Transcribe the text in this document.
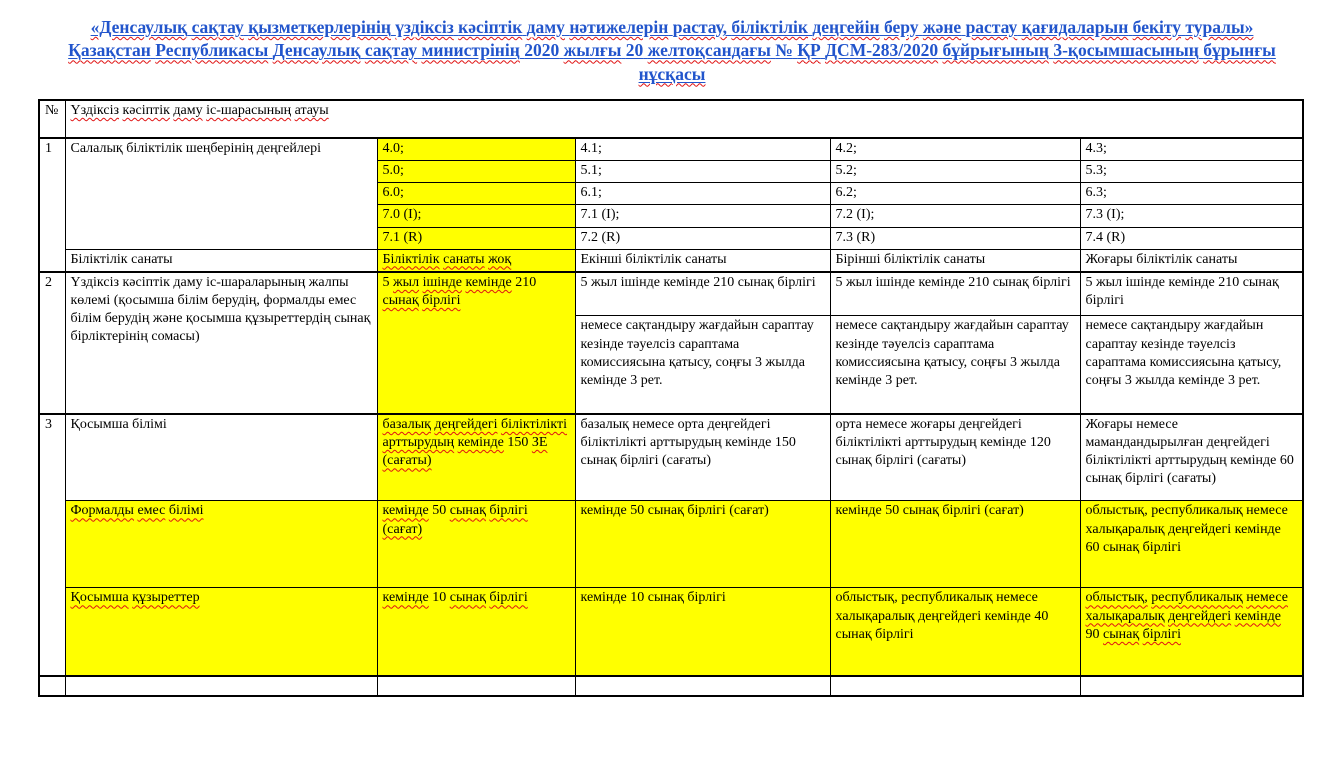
«Денсаулық сақтау қызметкерлерінің үздіксіз кәсіптік даму нәтижелерін растау, біліктілік деңгейін беру және растау қағидаларын бекіту туралы» Қазақстан Республикасы Денсаулық сақтау министрінің 2020 жылғы 20 желтоқсандағы № ҚР ДСМ-283/2020 бұйрығының 3-қосымшасының бұрынғы нұсқасы
№	Үздіксіз кәсіптік даму іс-шарасының атауы				
1	Салалық біліктілік шеңберінің деңгейлері	4.0;	4.1;	4.2;	4.3;
		5.0;	5.1;	5.2;	5.3;
		6.0;	6.1;	6.2;	6.3;
		7.0 (I);	7.1 (I);	7.2 (I);	7.3 (I);
		7.1 (R)	7.2 (R)	7.3 (R)	7.4 (R)
	Біліктілік санаты	Біліктілік санаты жоқ	Екінші біліктілік санаты	Бірінші біліктілік санаты	Жоғары біліктілік санаты
2	Үздіксіз кәсіптік даму іс-шараларының жалпы көлемі (қосымша білім берудің, формалды емес білім берудің және қосымша құзыреттердің сынақ бірліктерінің сомасы)	5 жыл ішінде кемінде 210 сынақ бірлігі	5 жыл ішінде кемінде 210 сынақ бірлігі	5 жыл ішінде кемінде 210 сынақ бірлігі	5 жыл ішінде кемінде 210 сынақ бірлігі
			немесе сақтандыру жағдайын сараптау кезінде тәуелсіз сараптама комиссиясына қатысу, соңғы 3 жылда кемінде 3 рет.	немесе сақтандыру жағдайын сараптау кезінде тәуелсіз сараптама комиссиясына қатысу, соңғы 3 жылда кемінде 3 рет.	немесе сақтандыру жағдайын сараптау кезінде тәуелсіз сараптама комиссиясына қатысу, соңғы 3 жылда кемінде 3 рет.
3	Қосымша білімі	базалық деңгейдегі біліктілікті арттырудың кемінде 150 ЗЕ (сағаты)	базалық немесе орта деңгейдегі біліктілікті арттырудың кемінде 150 сынақ бірлігі (сағаты)	орта немесе жоғары деңгейдегі біліктілікті арттырудың кемінде 120 сынақ бірлігі (сағаты)	Жоғары немесе мамандандырылған деңгейдегі біліктілікті арттырудың кемінде 60 сынақ бірлігі (сағаты)
	Формалды емес білімі	кемінде 50 сынақ бірлігі (сағат)	кемінде 50 сынақ бірлігі (сағат)	кемінде 50 сынақ бірлігі (сағат)	облыстық, республикалық немесе халықаралық деңгейдегі кемінде 60 сынақ бірлігі
	Қосымша құзыреттер	кемінде 10 сынақ бірлігі	кемінде 10 сынақ бірлігі	облыстық, республикалық немесе халықаралық деңгейдегі кемінде 40 сынақ бірлігі	облыстық, республикалық немесе халықаралық деңгейдегі кемінде 90 сынақ бірлігі
